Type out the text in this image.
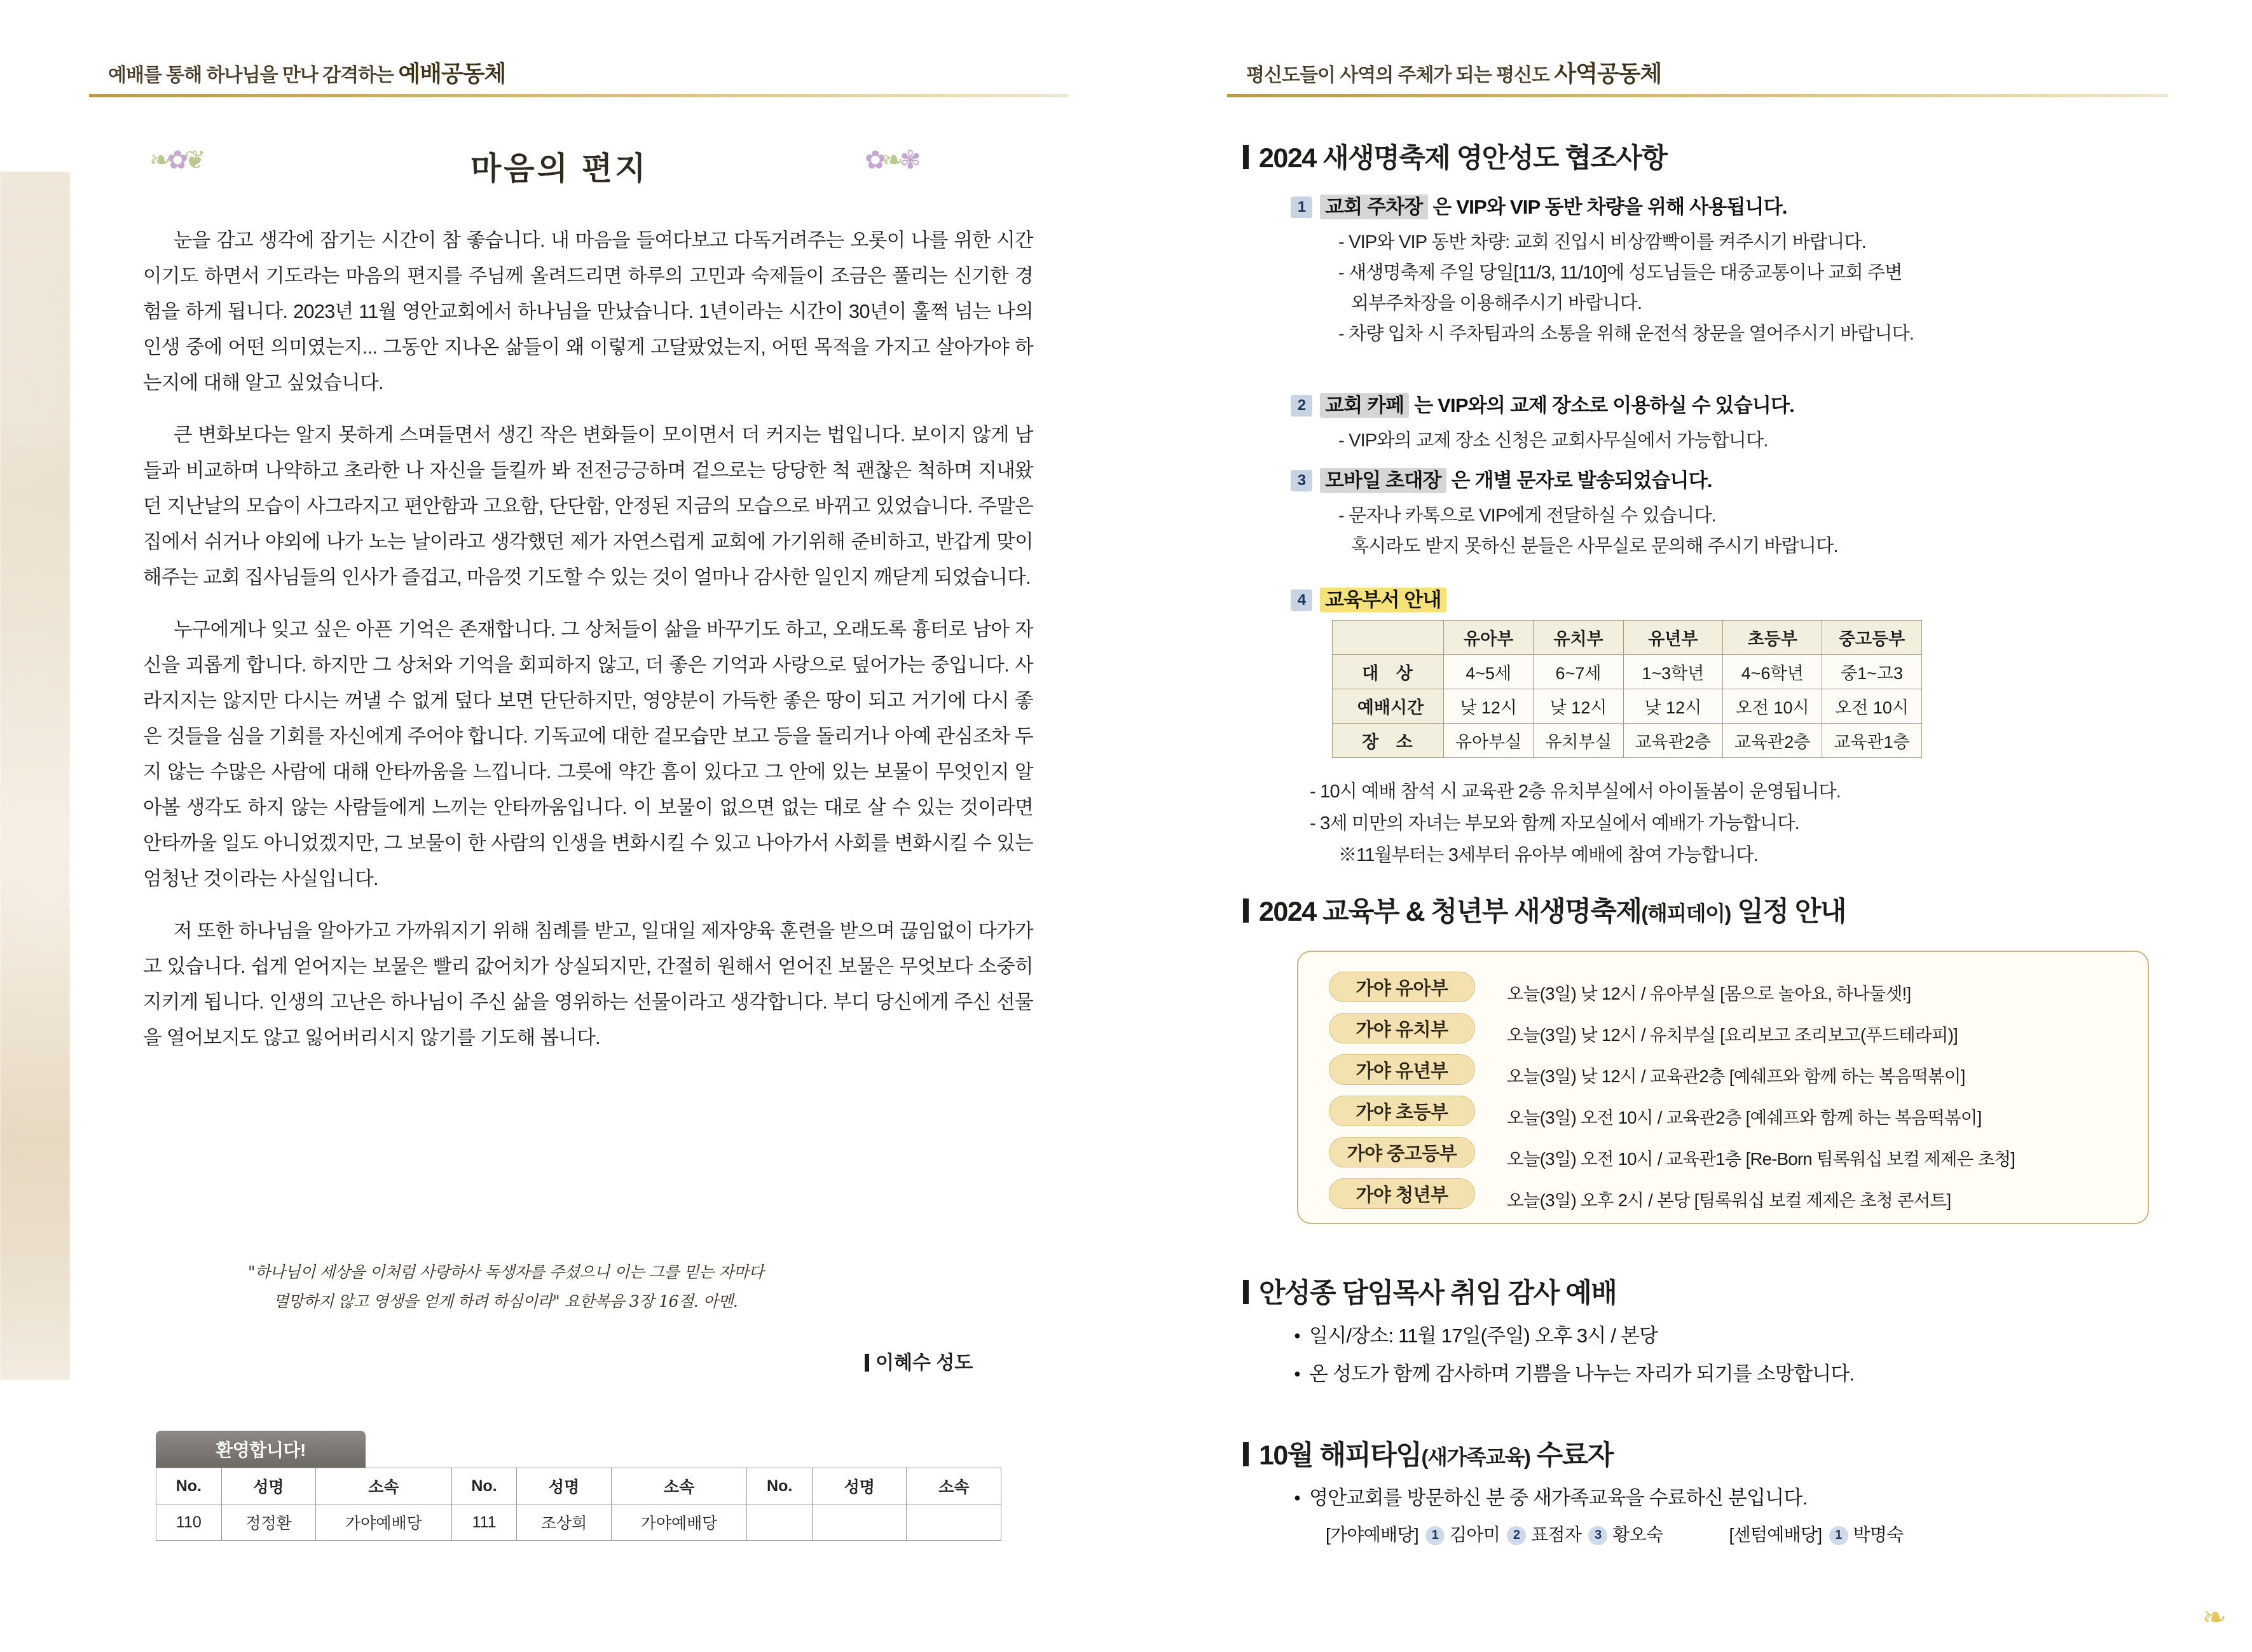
예배를 통해 하나님을 만나 감격하는 예배공동체	평신도들이 사역의 주체가 되는 평신도 사역공동체
❧✿❦	✿❧✾
마음의 편지

눈을 감고 생각에 잠기는 시간이 참 좋습니다. 내 마음을 들여다보고 다독거려주는 오롯이 나를 위한 시간이기도 하면서 기도라는 마음의 편지를 주님께 올려드리면 하루의 고민과 숙제들이 조금은 풀리는 신기한 경험을 하게 됩니다. 2023년 11월 영안교회에서 하나님을 만났습니다. 1년이라는 시간이 30년이 훌쩍 넘는 나의 인생 중에 어떤 의미였는지... 그동안 지나온 삶들이 왜 이렇게 고달팠었는지, 어떤 목적을 가지고 살아가야 하는지에 대해 알고 싶었습니다.

큰 변화보다는 알지 못하게 스며들면서 생긴 작은 변화들이 모이면서 더 커지는 법입니다. 보이지 않게 남들과 비교하며 나약하고 초라한 나 자신을 들킬까 봐 전전긍긍하며 겉으로는 당당한 척 괜찮은 척하며 지내왔던 지난날의 모습이 사그라지고 편안함과 고요함, 단단함, 안정된 지금의 모습으로 바뀌고 있었습니다. 주말은 집에서 쉬거나 야외에 나가 노는 날이라고 생각했던 제가 자연스럽게 교회에 가기위해 준비하고, 반갑게 맞이해주는 교회 집사님들의 인사가 즐겁고, 마음껏 기도할 수 있는 것이 얼마나 감사한 일인지 깨닫게 되었습니다.

누구에게나 잊고 싶은 아픈 기억은 존재합니다. 그 상처들이 삶을 바꾸기도 하고, 오래도록 흉터로 남아 자신을 괴롭게 합니다. 하지만 그 상처와 기억을 회피하지 않고, 더 좋은 기억과 사랑으로 덮어가는 중입니다. 사라지지는 않지만 다시는 꺼낼 수 없게 덮다 보면 단단하지만, 영양분이 가득한 좋은 땅이 되고 거기에 다시 좋은 것들을 심을 기회를 자신에게 주어야 합니다. 기독교에 대한 겉모습만 보고 등을 돌리거나 아예 관심조차 두지 않는 수많은 사람에 대해 안타까움을 느낍니다. 그릇에 약간 흠이 있다고 그 안에 있는 보물이 무엇인지 알아볼 생각도 하지 않는 사람들에게 느끼는 안타까움입니다. 이 보물이 없으면 없는 대로 살 수 있는 것이라면 안타까울 일도 아니었겠지만, 그 보물이 한 사람의 인생을 변화시킬 수 있고 나아가서 사회를 변화시킬 수 있는 엄청난 것이라는 사실입니다.

저 또한 하나님을 알아가고 가까워지기 위해 침례를 받고, 일대일 제자양육 훈련을 받으며 끊임없이 다가가고 있습니다. 쉽게 얻어지는 보물은 빨리 값어치가 상실되지만, 간절히 원해서 얻어진 보물은 무엇보다 소중히 지키게 됩니다. 인생의 고난은 하나님이 주신 삶을 영위하는 선물이라고 생각합니다. 부디 당신에게 주신 선물을 열어보지도 않고 잃어버리시지 않기를 기도해 봅니다.

"하나님이 세상을 이처럼 사랑하사 독생자를 주셨으니 이는 그를 믿는 자마다
멸망하지 않고 영생을 얻게 하려 하심이라" 요한복음 3장 16절. 아멘.
이혜수 성도
환영합니다!
No.	성명	소속	No.	성명	소속	No.	성명	소속
110	정정환	가야예배당	111	조상희	가야예배당			
2024 새생명축제 영안성도 협조사항
1 교회 주차장 은 VIP와 VIP 동반 차량을 위해 사용됩니다.
- VIP와 VIP 동반 차량: 교회 진입시 비상깜빡이를 켜주시기 바랍니다.
- 새생명축제 주일 당일[11/3, 11/10]에 성도님들은 대중교통이나 교회 주변
외부주차장을 이용해주시기 바랍니다.
- 차량 입차 시 주차팀과의 소통을 위해 운전석 창문을 열어주시기 바랍니다.
2 교회 카페 는 VIP와의 교제 장소로 이용하실 수 있습니다.
- VIP와의 교제 장소 신청은 교회사무실에서 가능합니다.
3 모바일 초대장 은 개별 문자로 발송되었습니다.
- 문자나 카톡으로 VIP에게 전달하실 수 있습니다.
혹시라도 받지 못하신 분들은 사무실로 문의해 주시기 바랍니다.
4 교육부서 안내
	유아부	유치부	유년부	초등부	중고등부
대 상	4~5세	6~7세	1~3학년	4~6학년	중1~고3
예배시간	낮 12시	낮 12시	낮 12시	오전 10시	오전 10시
장 소	유아부실	유치부실	교육관2층	교육관2층	교육관1층
- 10시 예배 참석 시 교육관 2층 유치부실에서 아이돌봄이 운영됩니다.
- 3세 미만의 자녀는 부모와 함께 자모실에서 예배가 가능합니다.
※11월부터는 3세부터 유아부 예배에 참여 가능합니다.
2024 교육부 & 청년부 새생명축제(해피데이) 일정 안내
가야 유아부	오늘(3일) 낮 12시 / 유아부실 [몸으로 놀아요, 하나둘셋!]
가야 유치부	오늘(3일) 낮 12시 / 유치부실 [요리보고 조리보고(푸드테라피)]
가야 유년부	오늘(3일) 낮 12시 / 교육관2층 [예쉐프와 함께 하는 복음떡볶이]
가야 초등부	오늘(3일) 오전 10시 / 교육관2층 [예쉐프와 함께 하는 복음떡볶이]
가야 중고등부	오늘(3일) 오전 10시 / 교육관1층 [Re-Born 팀록워십 보컬 제제은 초청]
가야 청년부	오늘(3일) 오후 2시 / 본당 [팀록워십 보컬 제제은 초청 콘서트]
안성종 담임목사 취임 감사 예배
● 일시/장소: 11월 17일(주일) 오후 3시 / 본당
● 온 성도가 함께 감사하며 기쁨을 나누는 자리가 되기를 소망합니다.
10월 해피타임(새가족교육) 수료자
● 영안교회를 방문하신 분 중 새가족교육을 수료하신 분입니다.
[가야예배당] 1 김아미 2 표점자 3 황오숙	[센텀예배당] 1 박명숙
❧
